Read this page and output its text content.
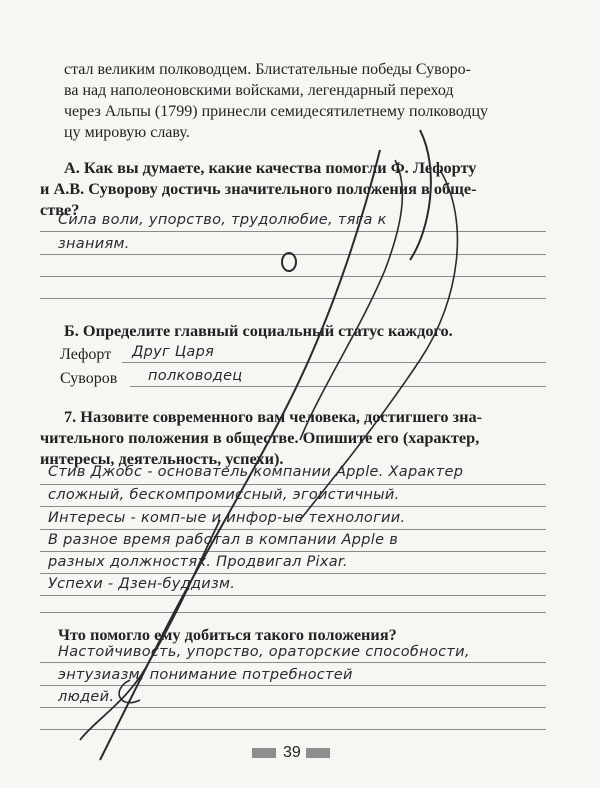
стал великим полководцем. Блистательные победы Суворо-

ва над наполеоновскими войсками, легендарный переход

через Альпы (1799) принесли семидесятилетнему полководцу

цу мировую славу.

А. Как вы думаете, какие качества помогли Ф. Лефорту

и А.В. Суворову достичь значительного положения в обще-

стве?

Сила воли, упорство, трудолюбие, тяга к
знаниям.

Б. Определите главный социальный статус каждого.

Лефорт Друг Царя
Суворов полководец

7. Назовите современного вам человека, достигшего зна-

чительного положения в обществе. Опишите его (характер,

интересы, деятельность, успехи).

Стив Джобс - основатель компании Apple. Характер
сложный, бескомпромиссный, эгоистичный.
Интересы - комп-ые и инфор-ые технологии.
В разное время работал в компании Apple в
разных должностях. Продвигал Pixar.
Успехи - Дзен-буддизм.

Что помогло ему добиться такого положения?

Настойчивость, упорство, ораторские способности,
энтузиазм, понимание потребностей
людей.
39
